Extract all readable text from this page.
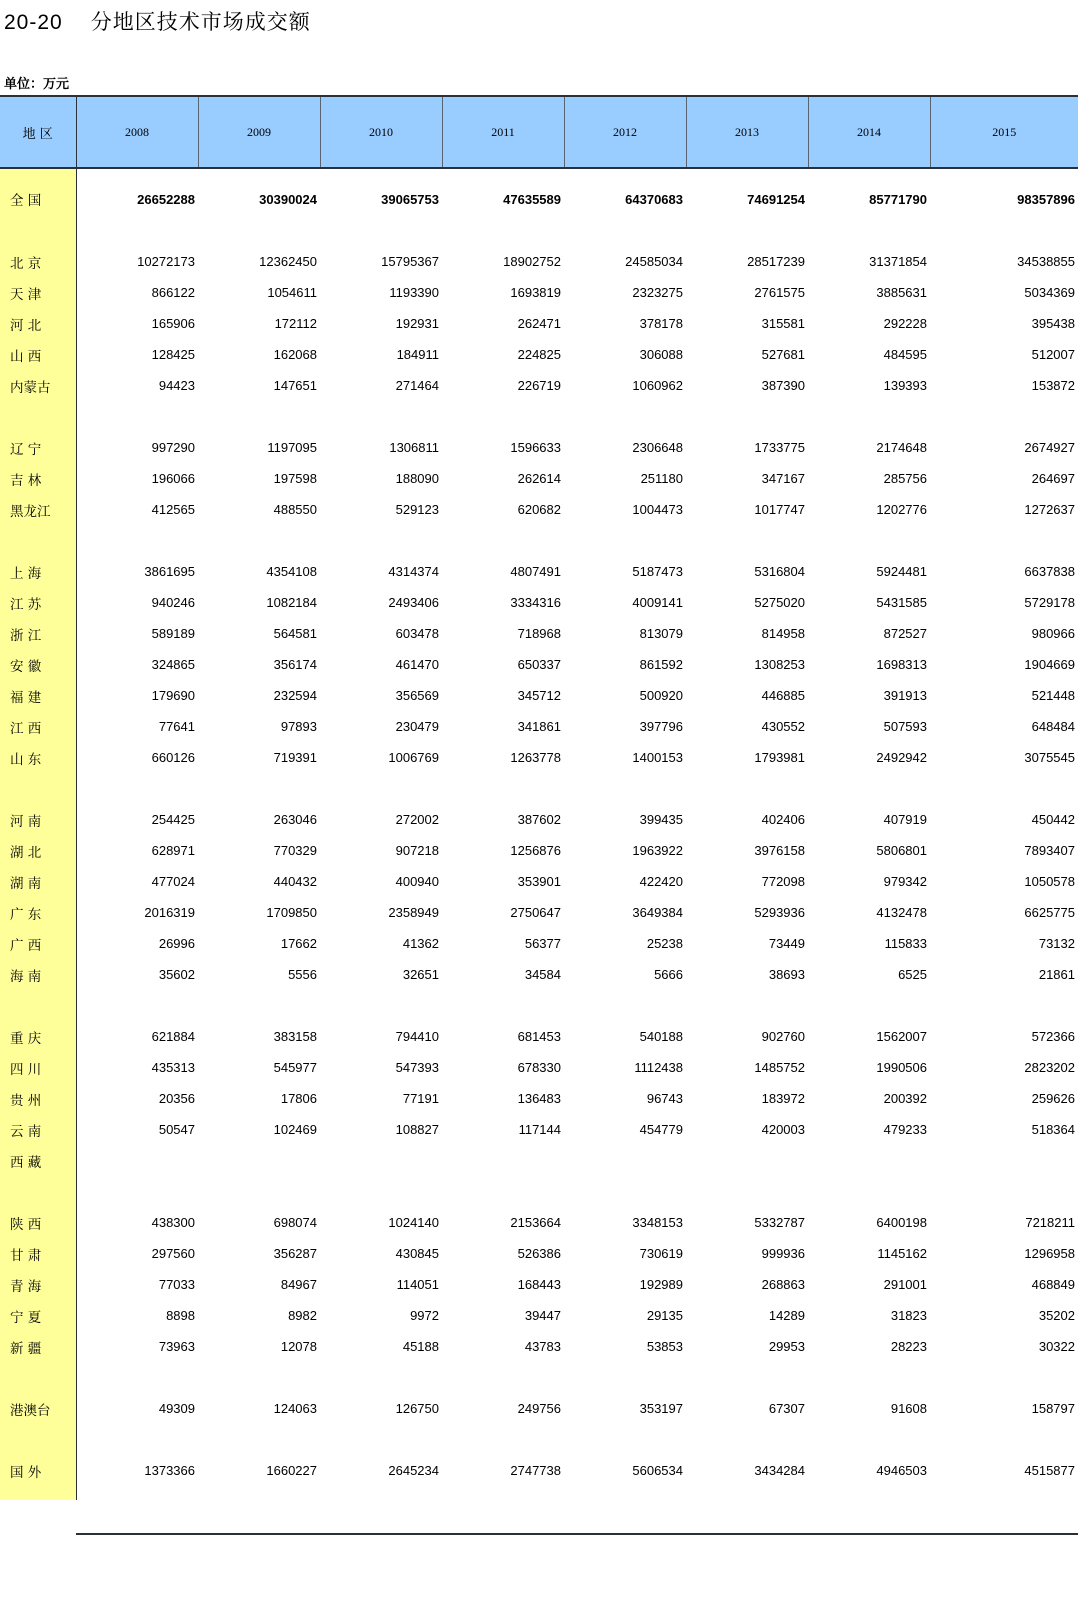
20-20 分地区技术市场成交额
单位：万元
地 区	2008	2009	2010	2011	2012	2013	2014	2015

全 国	26652288	30390024	39065753	47635589	64370683	74691254	85771790	98357896

北 京	10272173	12362450	15795367	18902752	24585034	28517239	31371854	34538855
天 津	866122	1054611	1193390	1693819	2323275	2761575	3885631	5034369
河 北	165906	172112	192931	262471	378178	315581	292228	395438
山 西	128425	162068	184911	224825	306088	527681	484595	512007
内蒙古	94423	147651	271464	226719	1060962	387390	139393	153872

辽 宁	997290	1197095	1306811	1596633	2306648	1733775	2174648	2674927
吉 林	196066	197598	188090	262614	251180	347167	285756	264697
黑龙江	412565	488550	529123	620682	1004473	1017747	1202776	1272637

上 海	3861695	4354108	4314374	4807491	5187473	5316804	5924481	6637838
江 苏	940246	1082184	2493406	3334316	4009141	5275020	5431585	5729178
浙 江	589189	564581	603478	718968	813079	814958	872527	980966
安 徽	324865	356174	461470	650337	861592	1308253	1698313	1904669
福 建	179690	232594	356569	345712	500920	446885	391913	521448
江 西	77641	97893	230479	341861	397796	430552	507593	648484
山 东	660126	719391	1006769	1263778	1400153	1793981	2492942	3075545

河 南	254425	263046	272002	387602	399435	402406	407919	450442
湖 北	628971	770329	907218	1256876	1963922	3976158	5806801	7893407
湖 南	477024	440432	400940	353901	422420	772098	979342	1050578
广 东	2016319	1709850	2358949	2750647	3649384	5293936	4132478	6625775
广 西	26996	17662	41362	56377	25238	73449	115833	73132
海 南	35602	5556	32651	34584	5666	38693	6525	21861

重 庆	621884	383158	794410	681453	540188	902760	1562007	572366
四 川	435313	545977	547393	678330	1112438	1485752	1990506	2823202
贵 州	20356	17806	77191	136483	96743	183972	200392	259626
云 南	50547	102469	108827	117144	454779	420003	479233	518364
西 藏								

陕 西	438300	698074	1024140	2153664	3348153	5332787	6400198	7218211
甘 肃	297560	356287	430845	526386	730619	999936	1145162	1296958
青 海	77033	84967	114051	168443	192989	268863	291001	468849
宁 夏	8898	8982	9972	39447	29135	14289	31823	35202
新 疆	73963	12078	45188	43783	53853	29953	28223	30322

港澳台	49309	124063	126750	249756	353197	67307	91608	158797

国 外	1373366	1660227	2645234	2747738	5606534	3434284	4946503	4515877
